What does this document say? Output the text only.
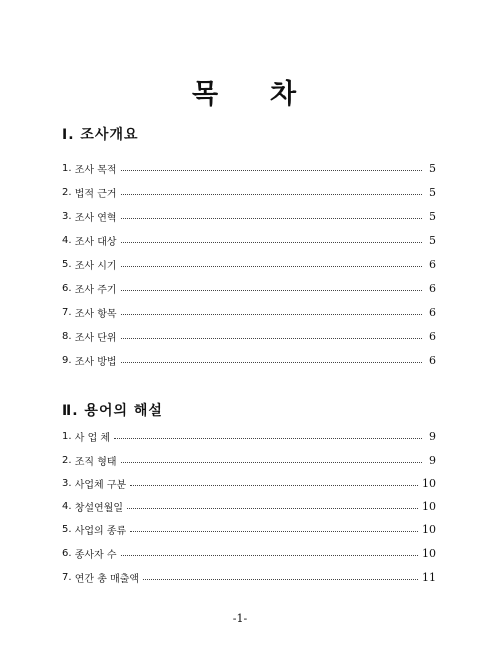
목 차
Ⅰ. 조사개요
1. 조사 목적	5
2. 법적 근거	5
3. 조사 연혁	5
4. 조사 대상	5
5. 조사 시기	6
6. 조사 주기	6
7. 조사 항목	6
8. 조사 단위	6
9. 조사 방법	6
Ⅱ. 용어의 해설
1. 사 업 체	9
2. 조직 형태	9
3. 사업체 구분	10
4. 창설연월일	10
5. 사업의 종류	10
6. 종사자 수	10
7. 연간 총 매출액	11
-1-
